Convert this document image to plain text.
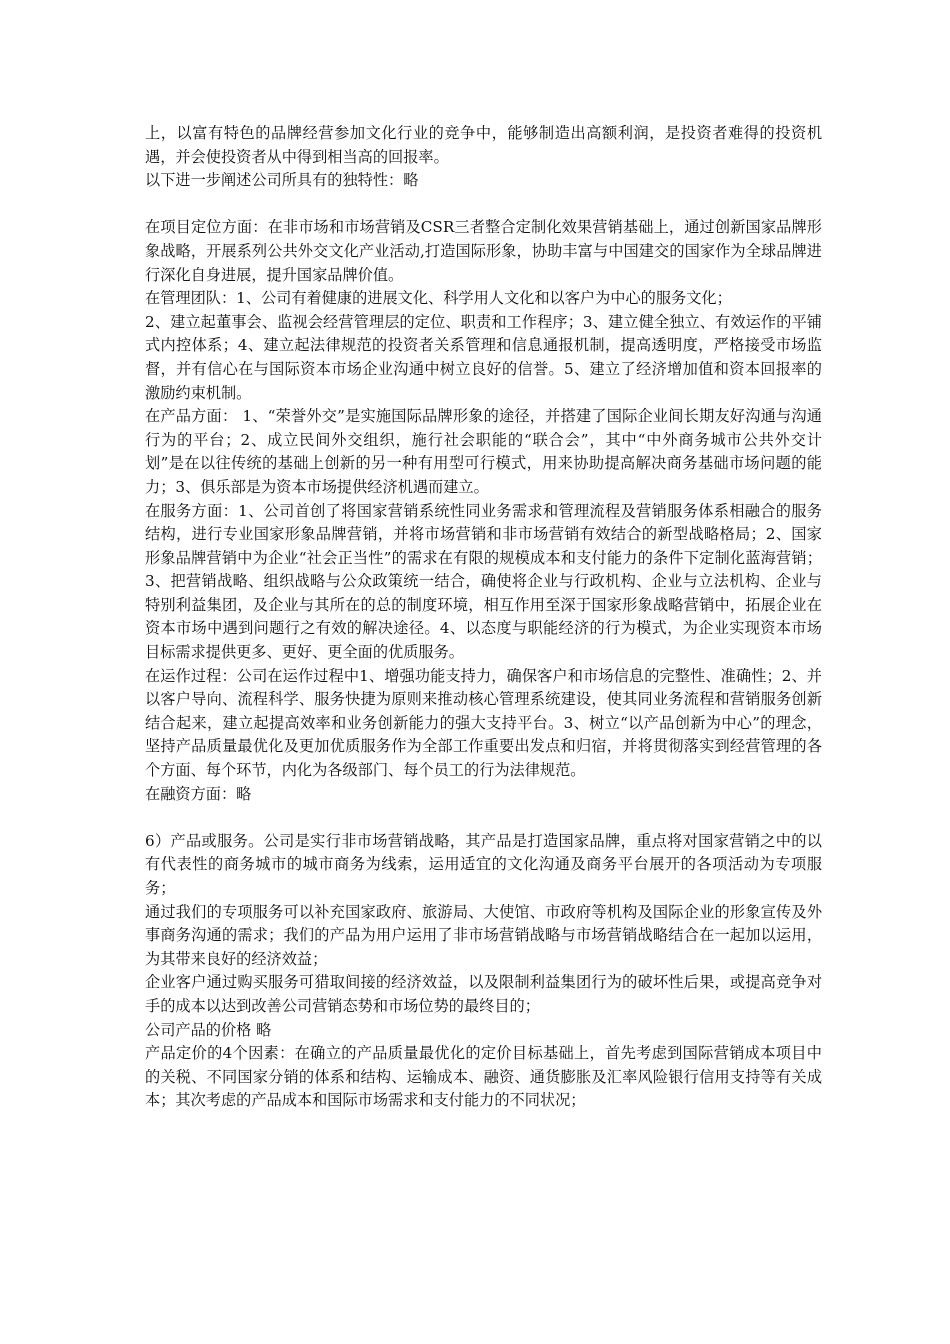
上，以富有特色的品牌经营参加文化行业的竞争中，能够制造出高额利润，是投资者难得的投资机遇，并会使投资者从中得到相当高的回报率。

以下进一步阐述公司所具有的独特性：略

在项目定位方面：在非市场和市场营销及CSR三者整合定制化效果营销基础上，通过创新国家品牌形象战略，开展系列公共外交文化产业活动,打造国际形象，协助丰富与中国建交的国家作为全球品牌进行深化自身进展，提升国家品牌价值。

在管理团队：1、公司有着健康的进展文化、科学用人文化和以客户为中心的服务文化；

2、建立起董事会、监视会经营管理层的定位、职责和工作程序；3、建立健全独立、有效运作的平铺式内控体系；4、建立起法律规范的投资者关系管理和信息通报机制，提高透明度，严格接受市场监督，并有信心在与国际资本市场企业沟通中树立良好的信誉。5、建立了经济增加值和资本回报率的激励约束机制。

在产品方面： 1、“荣誉外交”是实施国际品牌形象的途径，并搭建了国际企业间长期友好沟通与沟通行为的平台；2、成立民间外交组织，施行社会职能的“联合会”，其中“中外商务城市公共外交计划”是在以往传统的基础上创新的另一种有用型可行模式，用来协助提高解决商务基础市场问题的能力；3、俱乐部是为资本市场提供经济机遇而建立。

在服务方面：1、公司首创了将国家营销系统性同业务需求和管理流程及营销服务体系相融合的服务结构，进行专业国家形象品牌营销，并将市场营销和非市场营销有效结合的新型战略格局；2、国家形象品牌营销中为企业“社会正当性”的需求在有限的规模成本和支付能力的条件下定制化蓝海营销；3、把营销战略、组织战略与公众政策统一结合，确使将企业与行政机构、企业与立法机构、企业与特别利益集团，及企业与其所在的总的制度环境，相互作用至深于国家形象战略营销中，拓展企业在资本市场中遇到问题行之有效的解决途径。4、以态度与职能经济的行为模式，为企业实现资本市场目标需求提供更多、更好、更全面的优质服务。

在运作过程：公司在运作过程中1、增强功能支持力，确保客户和市场信息的完整性、准确性；2、并以客户导向、流程科学、服务快捷为原则来推动核心管理系统建设，使其同业务流程和营销服务创新结合起来，建立起提高效率和业务创新能力的强大支持平台。3、树立“以产品创新为中心”的理念，坚持产品质量最优化及更加优质服务作为全部工作重要出发点和归宿，并将贯彻落实到经营管理的各个方面、每个环节，内化为各级部门、每个员工的行为法律规范。

在融资方面：略

6）产品或服务。公司是实行非市场营销战略，其产品是打造国家品牌，重点将对国家营销之中的以有代表性的商务城市的城市商务为线索，运用适宜的文化沟通及商务平台展开的各项活动为专项服务；

通过我们的专项服务可以补充国家政府、旅游局、大使馆、市政府等机构及国际企业的形象宣传及外事商务沟通的需求；我们的产品为用户运用了非市场营销战略与市场营销战略结合在一起加以运用，为其带来良好的经济效益；

企业客户通过购买服务可猎取间接的经济效益，以及限制利益集团行为的破坏性后果，或提高竞争对手的成本以达到改善公司营销态势和市场位势的最终目的；

公司产品的价格 略

产品定价的4个因素：在确立的产品质量最优化的定价目标基础上，首先考虑到国际营销成本项目中的关税、不同国家分销的体系和结构、运输成本、融资、通货膨胀及汇率风险银行信用支持等有关成本；其次考虑的产品成本和国际市场需求和支付能力的不同状况；
